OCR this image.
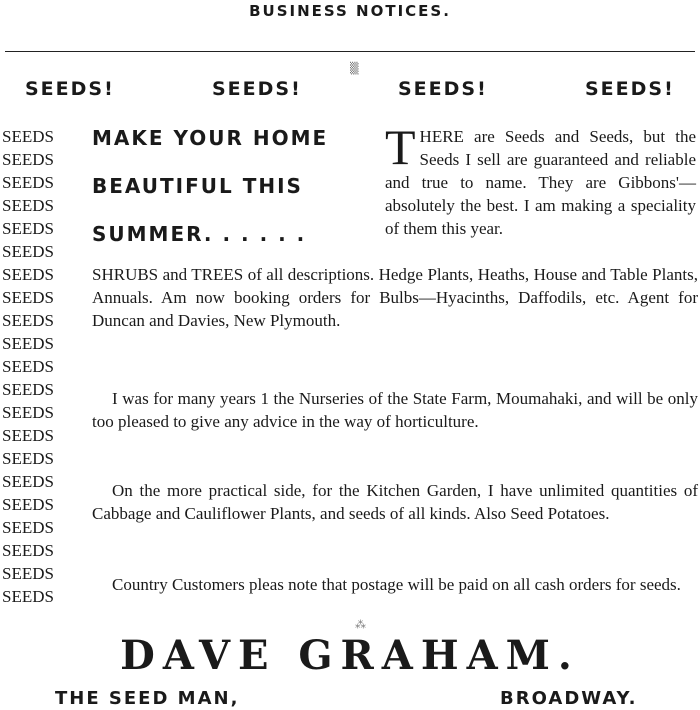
BUSINESS NOTICES.
▒
SEEDS!	SEEDS!	SEEDS!	SEEDS!
SEEDS
SEEDS
SEEDS
SEEDS
SEEDS
SEEDS
SEEDS
SEEDS
SEEDS
SEEDS
SEEDS
SEEDS
SEEDS
SEEDS
SEEDS
SEEDS
SEEDS
SEEDS
SEEDS
SEEDS
SEEDS
MAKE YOUR HOME
BEAUTIFUL THIS
SUMMER. . . . . .
THERE are Seeds and Seeds, but the Seeds I sell are guaranteed and reliable and true to name. They are Gibbons'—absolutely the best. I am making a speciality of them this year.
SHRUBS and TREES of all descriptions. Hedge Plants, Heaths, House and Table Plants, Annuals. Am now booking orders for Bulbs—Hyacinths, Daffodils, etc. Agent for Duncan and Davies, New Plymouth.
I was for many years 1 the Nurseries of the State Farm, Moumahaki, and will be only too pleased to give any advice in the way of horticulture.
On the more practical side, for the Kitchen Garden, I have unlimited quantities of Cabbage and Cauliflower Plants, and seeds of all kinds. Also Seed Potatoes.
Country Customers pleas note that postage will be paid on all cash orders for seeds.
⁂
DAVE GRAHAM.
THE SEED MAN,	BROADWAY.
